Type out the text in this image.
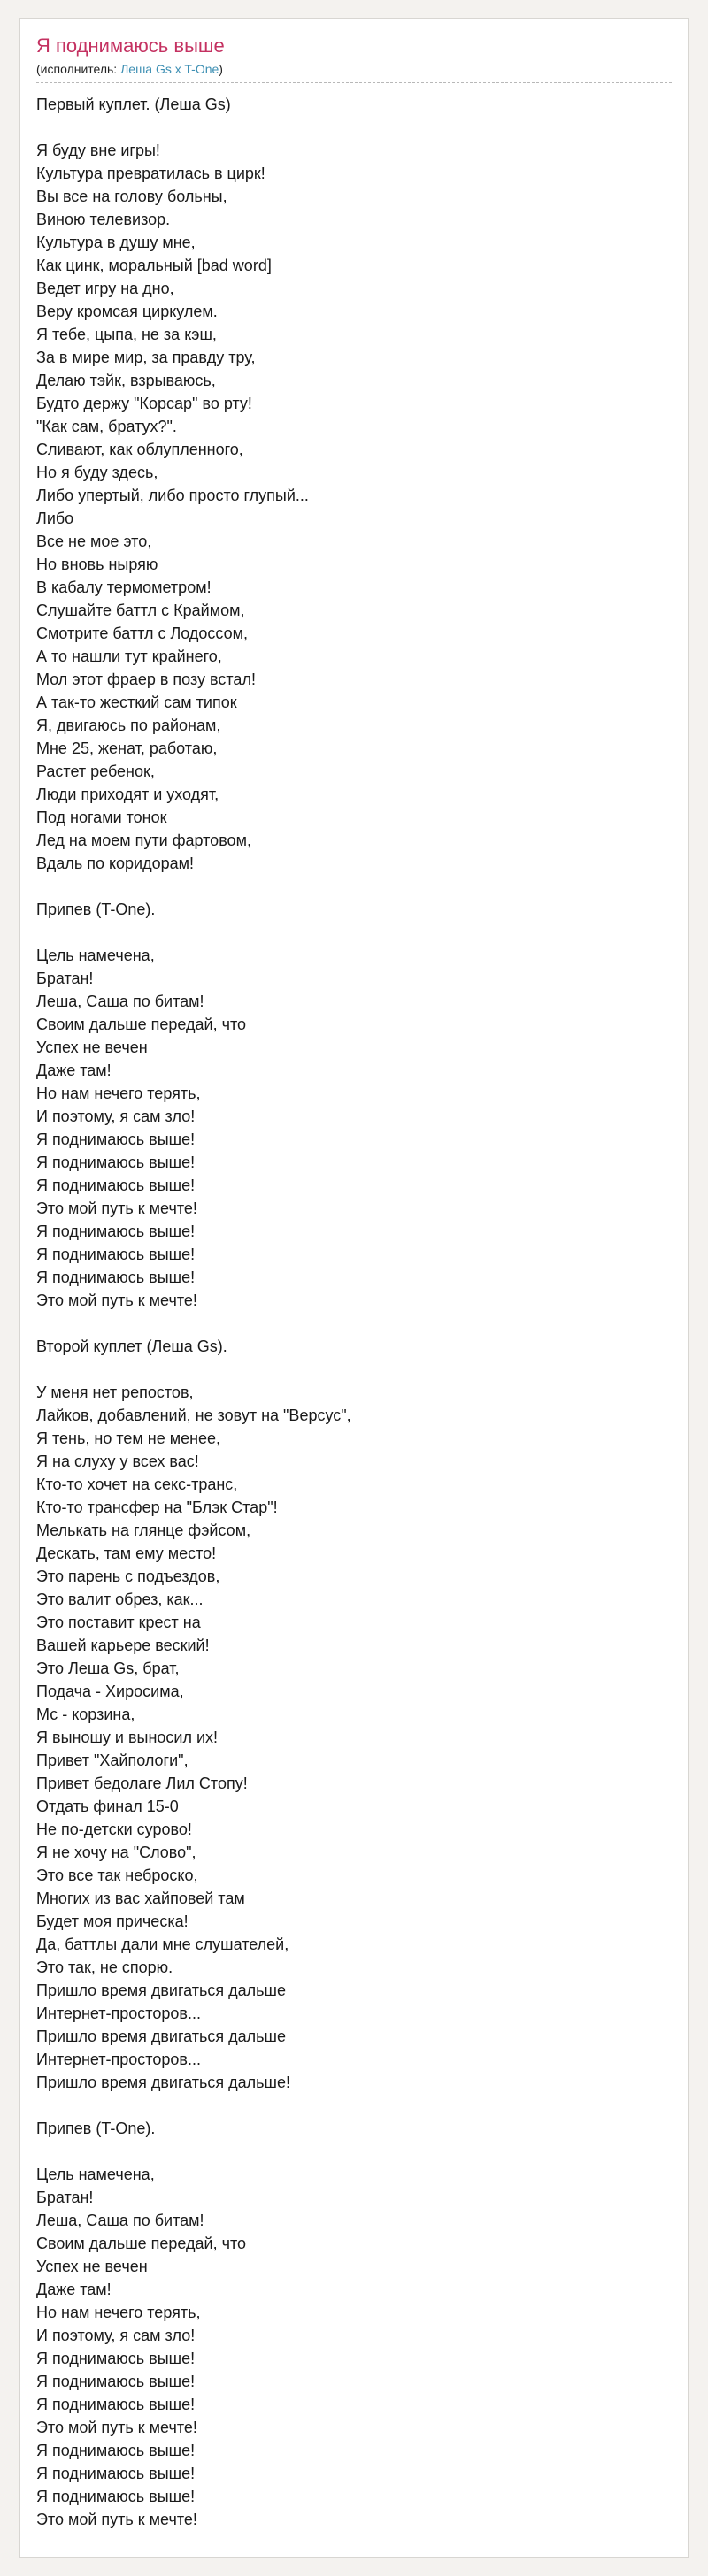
Я поднимаюсь выше
(исполнитель: Леша Gs x T-One)
Первый куплет. (Леша Gs)

Я буду вне игры!
Культура превратилась в цирк!
Вы все на голову больны,
Виною телевизор.
Культура в душу мне,
Как цинк, моральный [bad word]
Ведет игру на дно,
Веру кромсая циркулем.
Я тебе, цыпа, не за кэш,
За в мире мир, за правду тру,
Делаю тэйк, взрываюсь,
Будто держу "Корсар" во рту!
"Как сам, братух?".
Сливают, как облупленного,
Но я буду здесь,
Либо упертый, либо просто глупый...
Либо
Все не мое это,
Но вновь ныряю
В кабалу термометром!
Слушайте баттл с Краймом,
Смотрите баттл с Лодоссом,
А то нашли тут крайнего,
Мол этот фраер в позу встал!
А так-то жесткий сам типок
Я, двигаюсь по районам,
Мне 25, женат, работаю,
Растет ребенок,
Люди приходят и уходят,
Под ногами тонок
Лед на моем пути фартовом,
Вдаль по коридорам!

Припев (T-One).

Цель намечена,
Братан!
Леша, Саша по битам!
Своим дальше передай, что
Успех не вечен
Даже там!
Но нам нечего терять,
И поэтому, я сам зло!
Я поднимаюсь выше!
Я поднимаюсь выше!
Я поднимаюсь выше!
Это мой путь к мечте!
Я поднимаюсь выше!
Я поднимаюсь выше!
Я поднимаюсь выше!
Это мой путь к мечте!

Второй куплет (Леша Gs).

У меня нет репостов,
Лайков, добавлений, не зовут на "Версус",
Я тень, но тем не менее,
Я на слуху у всех вас!
Кто-то хочет на секс-транс,
Кто-то трансфер на "Блэк Стар"!
Мелькать на глянце фэйсом,
Дескать, там ему место!
Это парень с подъездов,
Это валит обрез, как...
Это поставит крест на
Вашей карьере веский!
Это Леша Gs, брат,
Подача - Хиросима,
Мс - корзина,
Я выношу и выносил их!
Привет "Хайпологи",
Привет бедолаге Лил Стопу!
Отдать финал 15-0
Не по-детски сурово!
Я не хочу на "Слово",
Это все так неброско,
Многих из вас хайповей там
Будет моя прическа!
Да, баттлы дали мне слушателей,
Это так, не спорю.
Пришло время двигаться дальше
Интернет-просторов...
Пришло время двигаться дальше
Интернет-просторов...
Пришло время двигаться дальше!

Припев (T-One).

Цель намечена,
Братан!
Леша, Саша по битам!
Своим дальше передай, что
Успех не вечен
Даже там!
Но нам нечего терять,
И поэтому, я сам зло!
Я поднимаюсь выше!
Я поднимаюсь выше!
Я поднимаюсь выше!
Это мой путь к мечте!
Я поднимаюсь выше!
Я поднимаюсь выше!
Я поднимаюсь выше!
Это мой путь к мечте!
